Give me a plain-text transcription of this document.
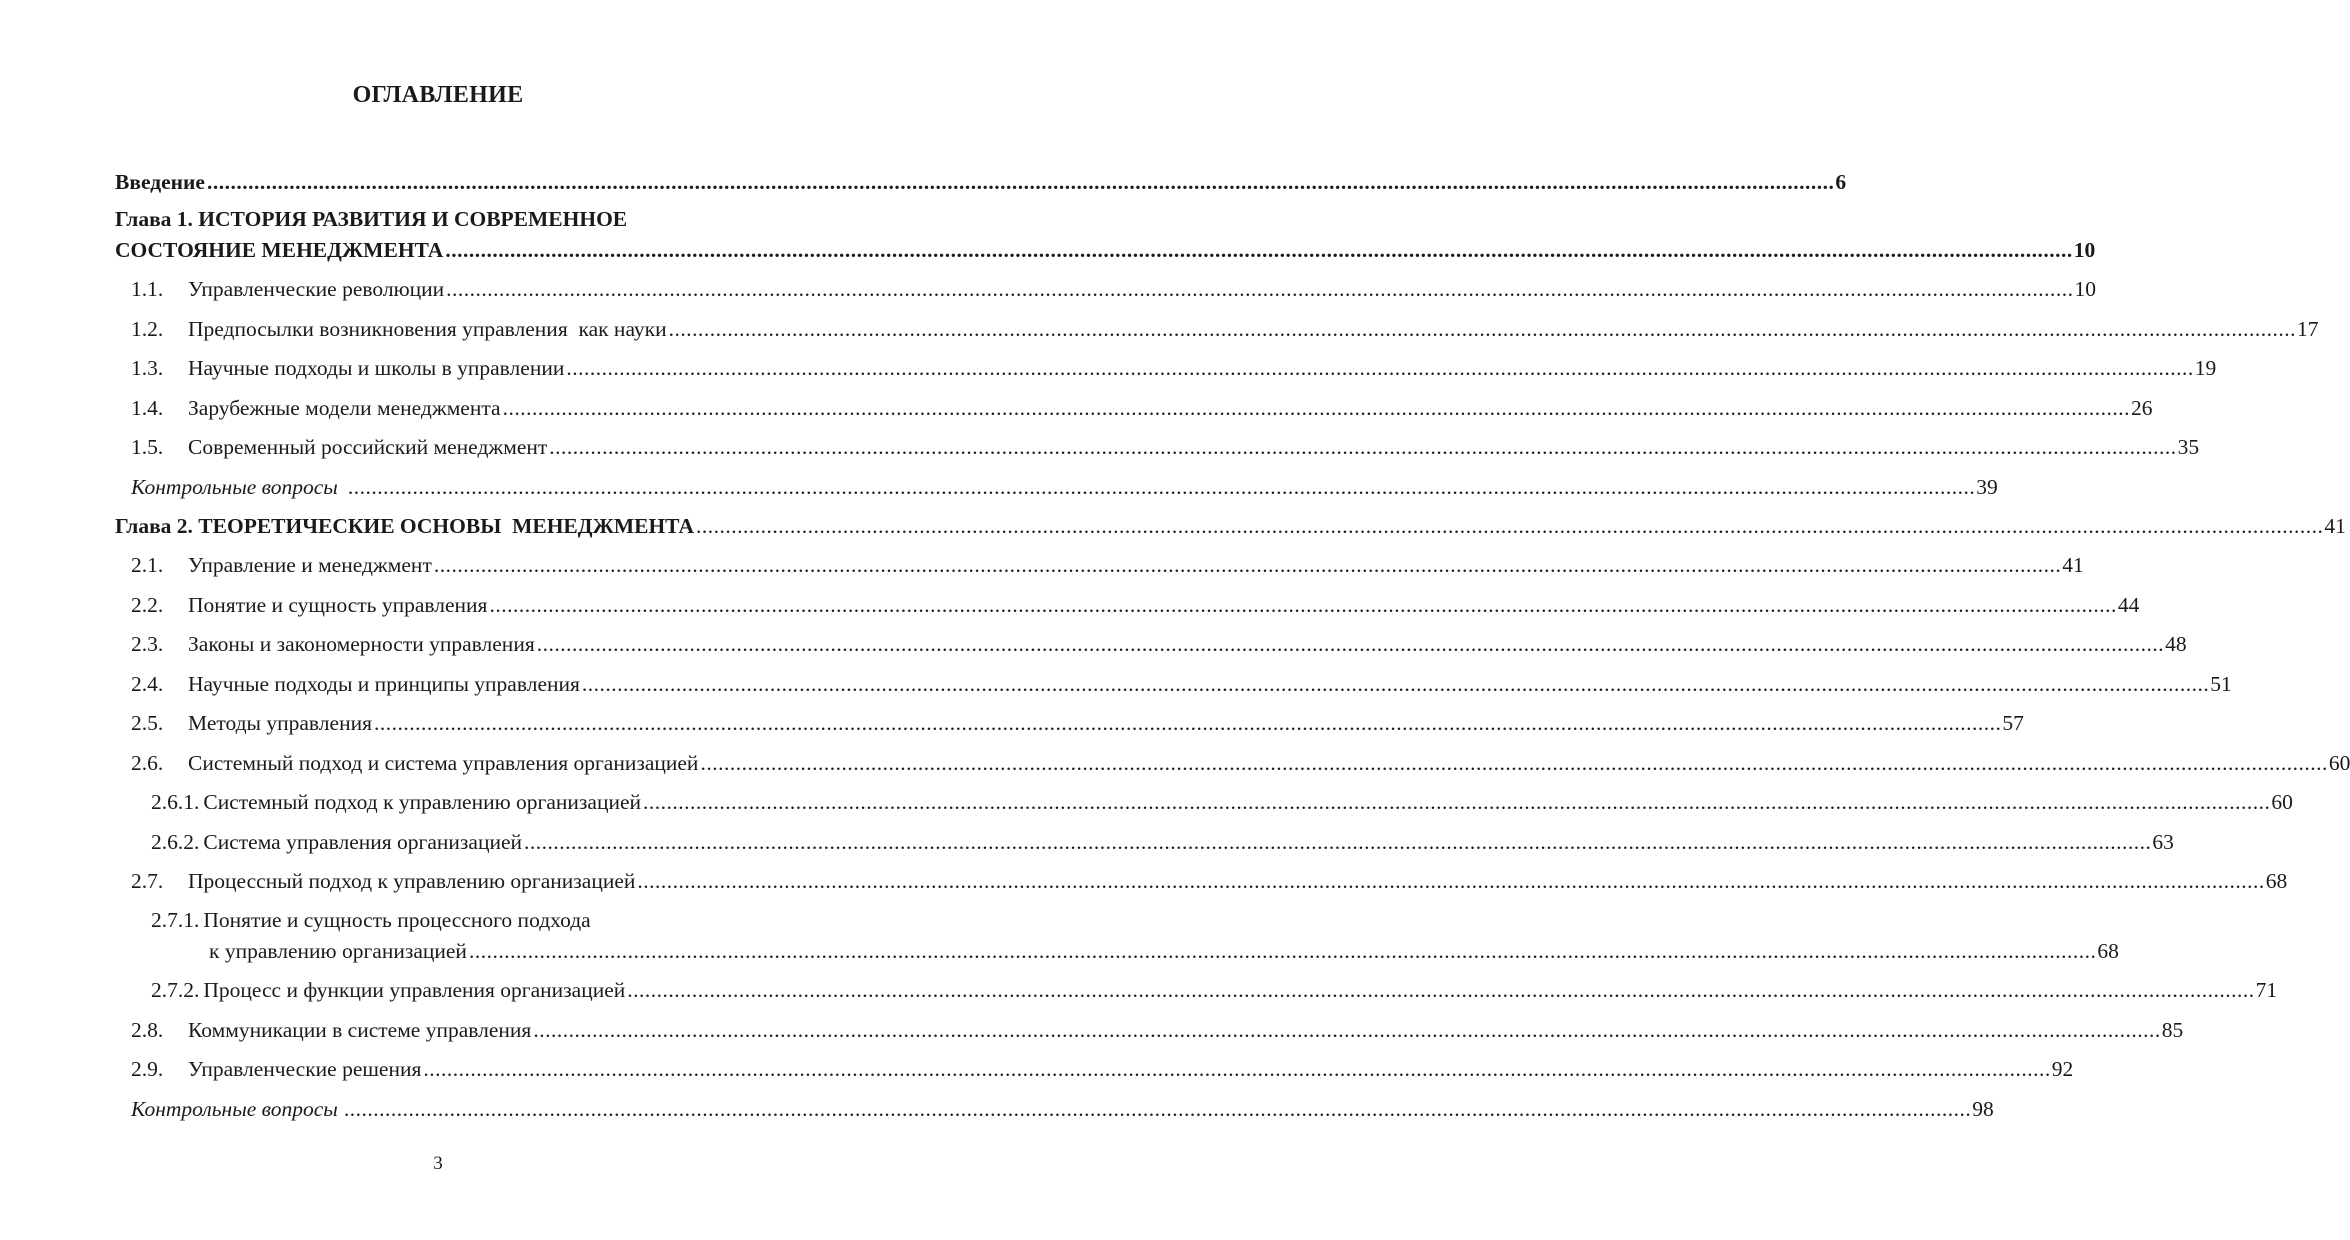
ОГЛАВЛЕНИЕ
Введение .....	6
Глава 1. ИСТОРИЯ РАЗВИТИЯ И СОВРЕМЕННОЕ
СОСТОЯНИЕ МЕНЕДЖМЕНТА .....	10
1.1. Управленческие революции .....	10
1.2. Предпосылки возникновения управления  как науки .....	17
1.3. Научные подходы и школы в управлении .....	19
1.4. Зарубежные модели менеджмента .....	26
1.5. Современный российский менеджмент .....	35
Контрольные вопросы .....	39
Глава 2. ТЕОРЕТИЧЕСКИЕ ОСНОВЫ  МЕНЕДЖМЕНТА .....	41
2.1. Управление и менеджмент .....	41
2.2. Понятие и сущность управления .....	44
2.3. Законы и закономерности управления .....	48
2.4. Научные подходы и принципы управления .....	51
2.5. Методы управления .....	57
2.6. Системный подход и система управления организацией .....	60
2.6.1. Системный подход к управлению организацией .....	60
2.6.2. Система управления организацией .....	63
2.7. Процессный подход к управлению организацией .....	68
2.7.1. Понятие и сущность процессного подхода
к управлению организацией .....	68
2.7.2. Процесс и функции управления организацией .....	71
2.8. Коммуникации в системе управления .....	85
2.9. Управленческие решения .....	92
Контрольные вопросы .....	98
3
